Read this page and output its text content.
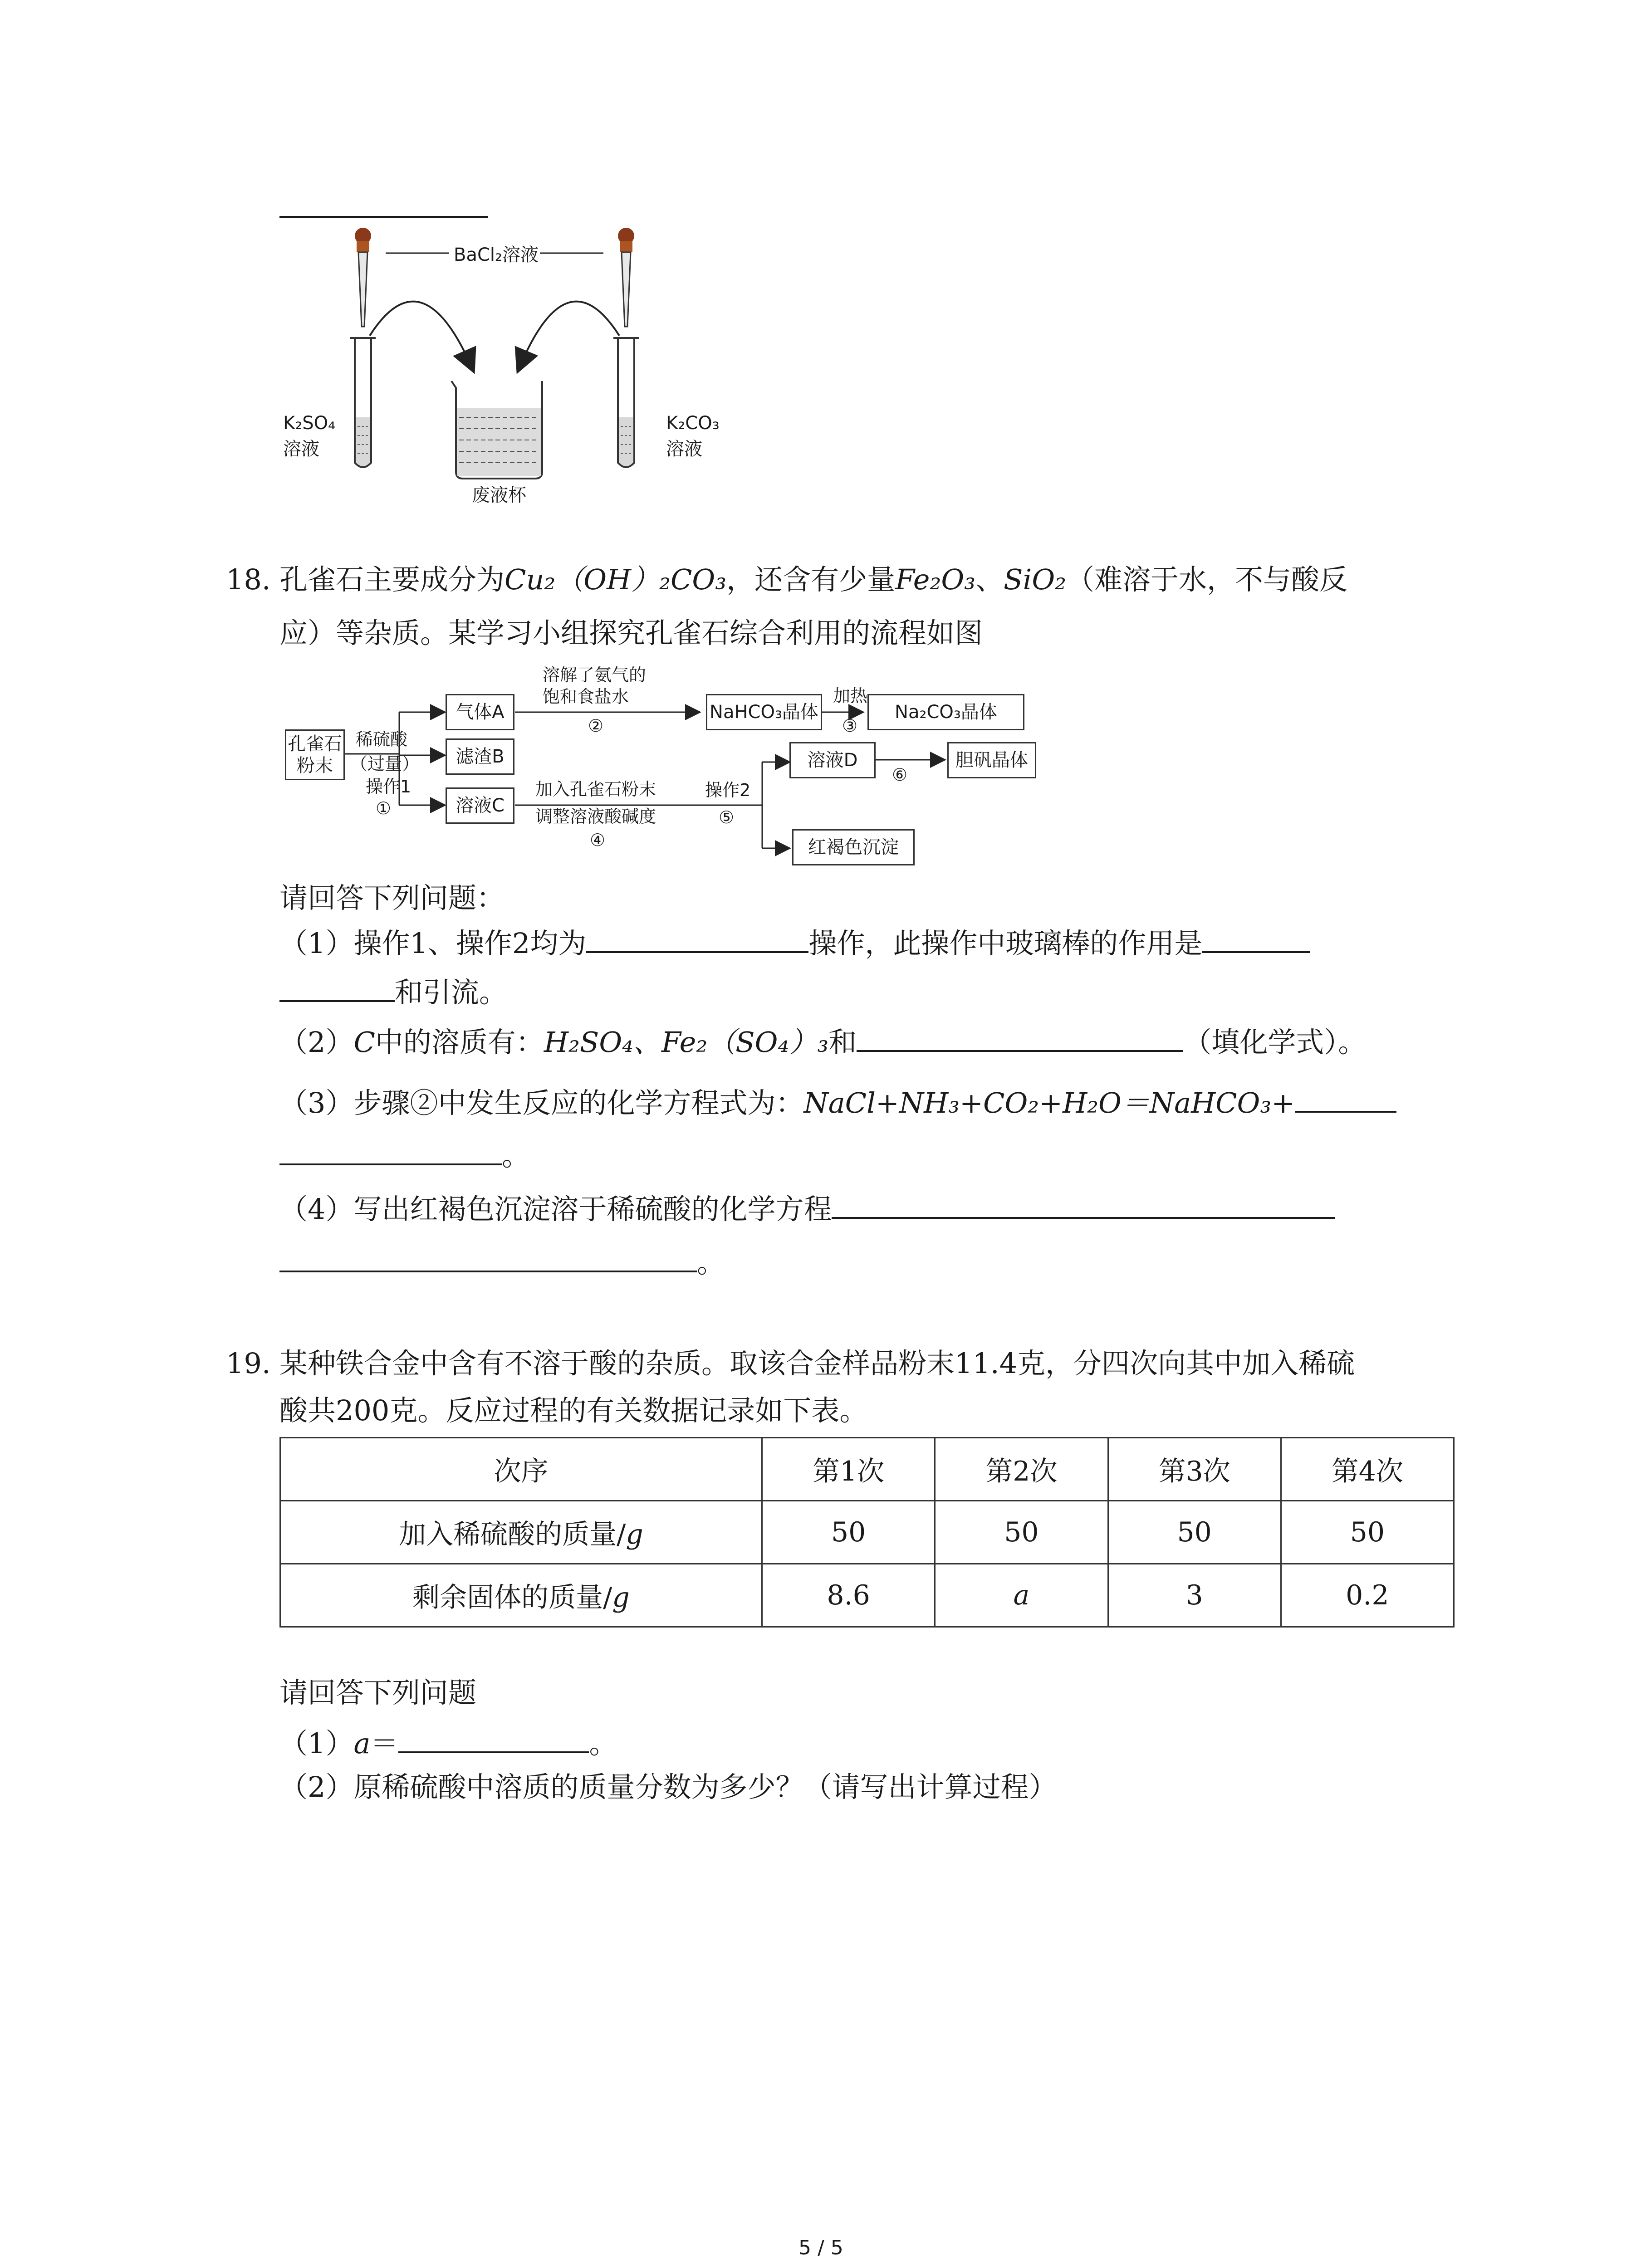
BaCl₂溶液
K₂SO₄
溶液
K₂CO₃
溶液
废液杯
18. 孔雀石主要成分为Cu₂（OH）₂CO₃，还含有少量Fe₂O₃、SiO₂（难溶于水，不与酸反
应）等杂质。某学习小组探究孔雀石综合利用的流程如图
孔雀石粉末
稀硫酸
（过量）
操作1
①
气体A
滤渣B
溶液C
溶解了氨气的
饱和食盐水
②
NaHCO₃晶体
加热
③
Na₂CO₃晶体
加入孔雀石粉末
调整溶液酸碱度
④
操作2
⑤
溶液D
⑥
胆矾晶体
红褐色沉淀
请回答下列问题：
（1）操作1、操作2均为	操作，此操作中玻璃棒的作用是
和引流。
（2）C中的溶质有：H₂SO₄、Fe₂（SO₄）₃和	（填化学式）。
（3）步骤②中发生反应的化学方程式为：NaCl+NH₃+CO₂+H₂O＝NaHCO₃+
。
（4）写出红褐色沉淀溶于稀硫酸的化学方程
。
19. 某种铁合金中含有不溶于酸的杂质。取该合金样品粉末11.4克，分四次向其中加入稀硫
酸共200克。反应过程的有关数据记录如下表。
次序	第1次	第2次	第3次	第4次
加入稀硫酸的质量/g	50	50	50	50
剩余固体的质量/g	8.6	a	3	0.2
请回答下列问题
（1）a＝	。
（2）原稀硫酸中溶质的质量分数为多少？（请写出计算过程）
5 / 5
